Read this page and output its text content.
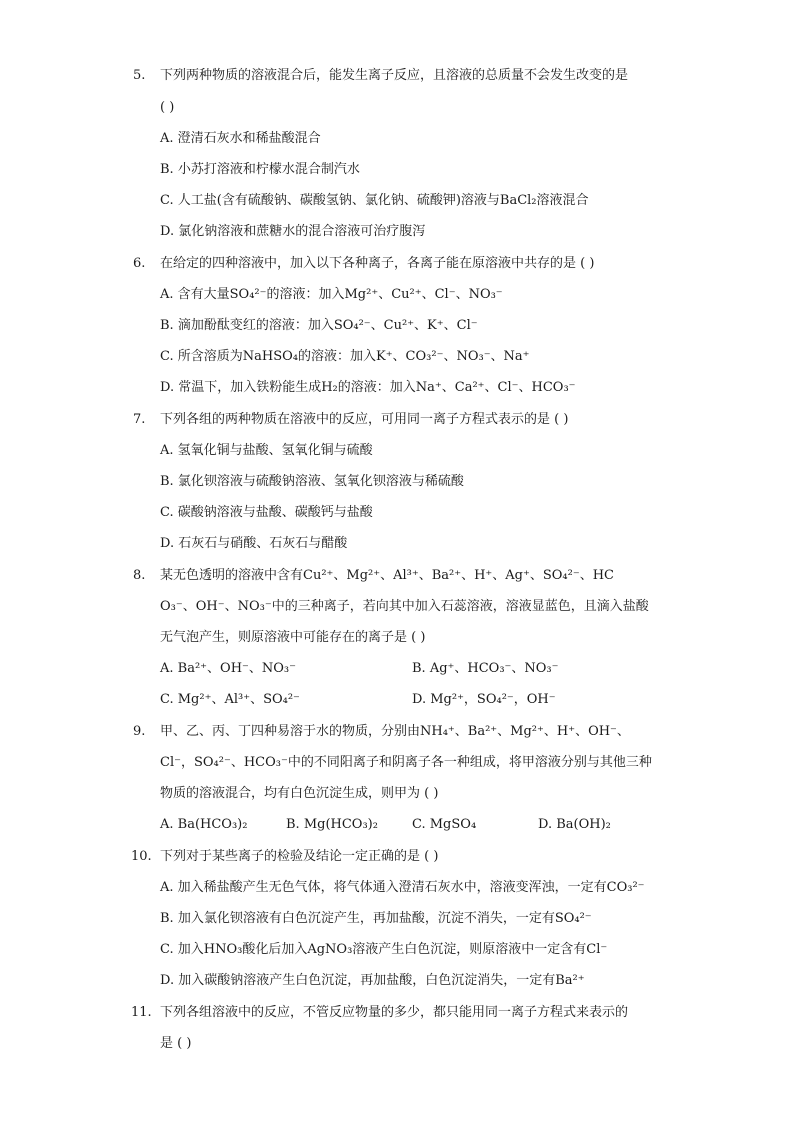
5. 下列两种物质的溶液混合后，能发生离子反应，且溶液的总质量不会发生改变的是
( )
A. 澄清石灰水和稀盐酸混合
B. 小苏打溶液和柠檬水混合制汽水
C. 人工盐(含有硫酸钠、碳酸氢钠、氯化钠、硫酸钾)溶液与BaCl₂溶液混合
D. 氯化钠溶液和蔗糖水的混合溶液可治疗腹泻
6. 在给定的四种溶液中，加入以下各种离子，各离子能在原溶液中共存的是 ( )
A. 含有大量SO₄²⁻的溶液：加入Mg²⁺、Cu²⁺、Cl⁻、NO₃⁻
B. 滴加酚酞变红的溶液：加入SO₄²⁻、Cu²⁺、K⁺、Cl⁻
C. 所含溶质为NaHSO₄的溶液：加入K⁺、CO₃²⁻、NO₃⁻、Na⁺
D. 常温下，加入铁粉能生成H₂的溶液：加入Na⁺、Ca²⁺、Cl⁻、HCO₃⁻
7. 下列各组的两种物质在溶液中的反应，可用同一离子方程式表示的是 ( )
A. 氢氧化铜与盐酸、氢氧化铜与硫酸
B. 氯化钡溶液与硫酸钠溶液、氢氧化钡溶液与稀硫酸
C. 碳酸钠溶液与盐酸、碳酸钙与盐酸
D. 石灰石与硝酸、石灰石与醋酸
8. 某无色透明的溶液中含有Cu²⁺、Mg²⁺、Al³⁺、Ba²⁺、H⁺、Ag⁺、SO₄²⁻、HC
O₃⁻、OH⁻、NO₃⁻中的三种离子，若向其中加入石蕊溶液，溶液显蓝色，且滴入盐酸
无气泡产生，则原溶液中可能存在的离子是 ( )
A. Ba²⁺、OH⁻、NO₃⁻	B. Ag⁺、HCO₃⁻、NO₃⁻
C. Mg²⁺、Al³⁺、SO₄²⁻	D. Mg²⁺，SO₄²⁻，OH⁻
9. 甲、乙、丙、丁四种易溶于水的物质，分别由NH₄⁺、Ba²⁺、Mg²⁺、H⁺、OH⁻、
Cl⁻，SO₄²⁻、HCO₃⁻中的不同阳离子和阴离子各一种组成，将甲溶液分别与其他三种
物质的溶液混合，均有白色沉淀生成，则甲为 ( )
A. Ba(HCO₃)₂	B. Mg(HCO₃)₂	C. MgSO₄	D. Ba(OH)₂
10. 下列对于某些离子的检验及结论一定正确的是 ( )
A. 加入稀盐酸产生无色气体，将气体通入澄清石灰水中，溶液变浑浊，一定有CO₃²⁻
B. 加入氯化钡溶液有白色沉淀产生，再加盐酸，沉淀不消失，一定有SO₄²⁻
C. 加入HNO₃酸化后加入AgNO₃溶液产生白色沉淀，则原溶液中一定含有Cl⁻
D. 加入碳酸钠溶液产生白色沉淀，再加盐酸，白色沉淀消失，一定有Ba²⁺
11. 下列各组溶液中的反应，不管反应物量的多少，都只能用同一离子方程式来表示的
是 ( )
